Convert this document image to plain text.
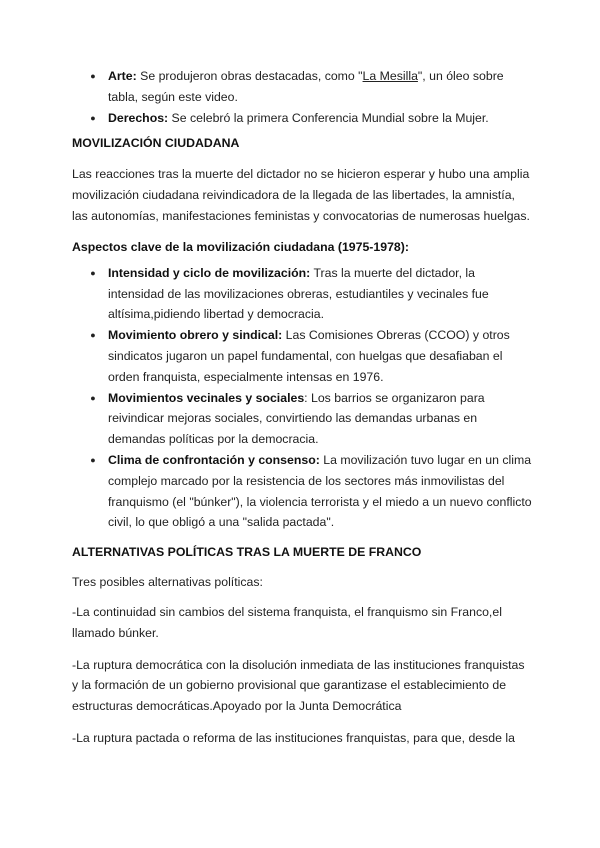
● Arte: Se produjeron obras destacadas, como "La Mesilla", un óleo sobre tabla, según este video.
● Derechos: Se celebró la primera Conferencia Mundial sobre la Mujer.
MOVILIZACIÓN CIUDADANA

Las reacciones tras la muerte del dictador no se hicieron esperar y hubo una amplia movilización ciudadana reivindicadora de la llegada de las libertades, la amnistía, las autonomías, manifestaciones feministas y convocatorias de numerosas huelgas.

Aspectos clave de la movilización ciudadana (1975-1978):
● Intensidad y ciclo de movilización: Tras la muerte del dictador, la intensidad de las movilizaciones obreras, estudiantiles y vecinales fue altísima,pidiendo libertad y democracia.
● Movimiento obrero y sindical: Las Comisiones Obreras (CCOO) y otros sindicatos jugaron un papel fundamental, con huelgas que desafiaban el orden franquista, especialmente intensas en 1976.
● Movimientos vecinales y sociales: Los barrios se organizaron para reivindicar mejoras sociales, convirtiendo las demandas urbanas en demandas políticas por la democracia.
● Clima de confrontación y consenso: La movilización tuvo lugar en un clima complejo marcado por la resistencia de los sectores más inmovilistas del franquismo (el "búnker"), la violencia terrorista y el miedo a un nuevo conflicto civil, lo que obligó a una "salida pactada".
ALTERNATIVAS POLÍTICAS TRAS LA MUERTE DE FRANCO

Tres posibles alternativas políticas:

-La continuidad sin cambios del sistema franquista, el franquismo sin Franco,el llamado búnker.

-La ruptura democrática con la disolución inmediata de las instituciones franquistas y la formación de un gobierno provisional que garantizase el establecimiento de estructuras democráticas.Apoyado por la Junta Democrática

-La ruptura pactada o reforma de las instituciones franquistas, para que, desde la
